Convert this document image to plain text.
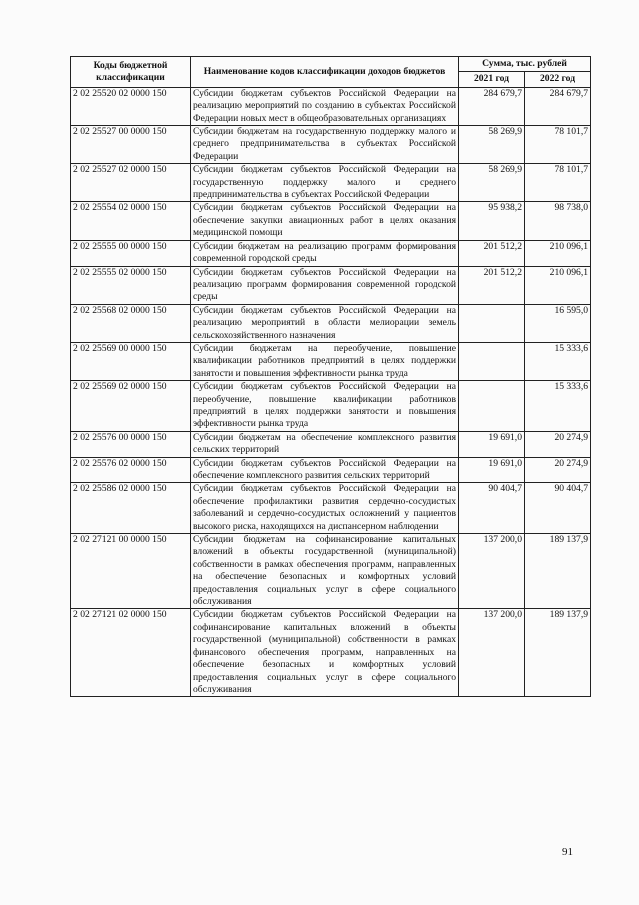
Коды бюджетной классификации	Наименование кодов классификации доходов бюджетов	Сумма, тыс. рублей	
		2021 год	2022 год
2 02 25520 02 0000 150	Субсидии бюджетам субъектов Российской Федерации на реализацию мероприятий по созданию в субъектах Российской Федерации новых мест в общеобразовательных организациях	284 679,7	284 679,7
2 02 25527 00 0000 150	Субсидии бюджетам на государственную поддержку малого и среднего предпринимательства в субъектах Российской Федерации	58 269,9	78 101,7
2 02 25527 02 0000 150	Субсидии бюджетам субъектов Российской Федерации на государственную поддержку малого и среднего предпринимательства в субъектах Российской Федерации	58 269,9	78 101,7
2 02 25554 02 0000 150	Субсидии бюджетам субъектов Российской Федерации на обеспечение закупки авиационных работ в целях оказания медицинской помощи	95 938,2	98 738,0
2 02 25555 00 0000 150	Субсидии бюджетам на реализацию программ формирования современной городской среды	201 512,2	210 096,1
2 02 25555 02 0000 150	Субсидии бюджетам субъектов Российской Федерации на реализацию программ формирования современной городской среды	201 512,2	210 096,1
2 02 25568 02 0000 150	Субсидии бюджетам субъектов Российской Федерации на реализацию мероприятий в области мелиорации земель сельскохозяйственного назначения		16 595,0
2 02 25569 00 0000 150	Субсидии бюджетам на переобучение, повышение квалификации работников предприятий в целях поддержки занятости и повышения эффективности рынка труда		15 333,6
2 02 25569 02 0000 150	Субсидии бюджетам субъектов Российской Федерации на переобучение, повышение квалификации работников предприятий в целях поддержки занятости и повышения эффективности рынка труда		15 333,6
2 02 25576 00 0000 150	Субсидии бюджетам на обеспечение комплексного развития сельских территорий	19 691,0	20 274,9
2 02 25576 02 0000 150	Субсидии бюджетам субъектов Российской Федерации на обеспечение комплексного развития сельских территорий	19 691,0	20 274,9
2 02 25586 02 0000 150	Субсидии бюджетам субъектов Российской Федерации на обеспечение профилактики развития сердечно-сосудистых заболеваний и сердечно-сосудистых осложнений у пациентов высокого риска, находящихся на диспансерном наблюдении	90 404,7	90 404,7
2 02 27121 00 0000 150	Субсидии бюджетам на софинансирование капитальных вложений в объекты государственной (муниципальной) собственности в рамках обеспечения программ, направленных на обеспечение безопасных и комфортных условий предоставления социальных услуг в сфере социального обслуживания	137 200,0	189 137,9
2 02 27121 02 0000 150	Субсидии бюджетам субъектов Российской Федерации на софинансирование капитальных вложений в объекты государственной (муниципальной) собственности в рамках финансового обеспечения программ, направленных на обеспечение безопасных и комфортных условий предоставления социальных услуг в сфере социального обслуживания	137 200,0	189 137,9
91
